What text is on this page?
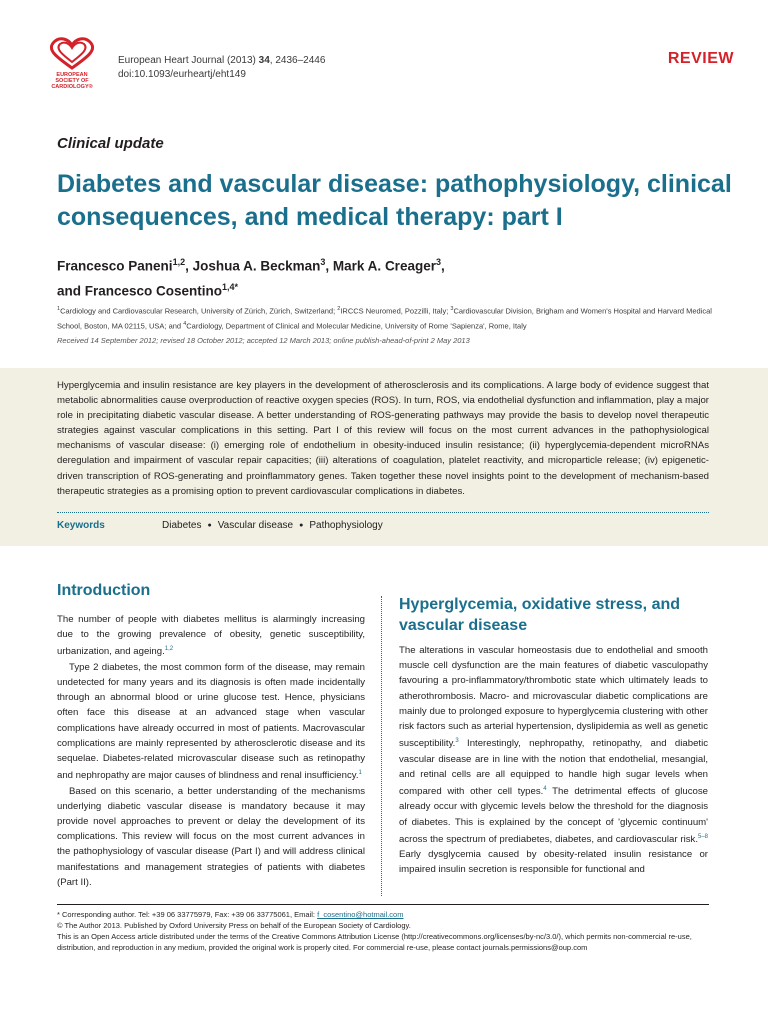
EUROPEAN
SOCIETY OF
CARDIOLOGY®
European Heart Journal (2013) 34, 2436–2446
doi:10.1093/eurheartj/eht149
REVIEW
Clinical update
Diabetes and vascular disease: pathophysiology, clinical consequences, and medical therapy: part I
Francesco Paneni$^{1,2}$, Joshua A. Beckman$^3$, Mark A. Creager$^3$,
and Francesco Cosentino$^{1,4*}$
$^1$Cardiology and Cardiovascular Research, University of Zürich, Zürich, Switzerland; $^2$IRCCS Neuromed, Pozzilli, Italy; $^3$Cardiovascular Division, Brigham and Women's Hospital and Harvard Medical School, Boston, MA 02115, USA; and $^4$Cardiology, Department of Clinical and Molecular Medicine, University of Rome 'Sapienza', Rome, Italy
Received 14 September 2012; revised 18 October 2012; accepted 12 March 2013; online publish-ahead-of-print 2 May 2013
Hyperglycemia and insulin resistance are key players in the development of atherosclerosis and its complications. A large body of evidence suggest that metabolic abnormalities cause overproduction of reactive oxygen species (ROS). In turn, ROS, via endothelial dysfunction and inflammation, play a major role in precipitating diabetic vascular disease. A better understanding of ROS-generating pathways may provide the basis to develop novel therapeutic strategies against vascular complications in this setting. Part I of this review will focus on the most current advances in the pathophysiological mechanisms of vascular disease: (i) emerging role of endothelium in obesity-induced insulin resistance; (ii) hyperglycemia-dependent microRNAs deregulation and impairment of vascular repair capacities; (iii) alterations of coagulation, platelet reactivity, and microparticle release; (iv) epigenetic-driven transcription of ROS-generating and proinflammatory genes. Taken together these novel insights point to the development of mechanism-based therapeutic strategies as a promising option to prevent cardiovascular complications in diabetes.
Keywords	Diabetes ● Vascular disease ● Pathophysiology
Introduction

The number of people with diabetes mellitus is alarmingly increasing due to the growing prevalence of obesity, genetic susceptibility, urbanization, and ageing.$^{1,2}$

Type 2 diabetes, the most common form of the disease, may remain undetected for many years and its diagnosis is often made incidentally through an abnormal blood or urine glucose test. Hence, physicians often face this disease at an advanced stage when vascular complications have already occurred in most of patients. Macrovascular complications are mainly represented by atherosclerotic disease and its sequelae. Diabetes-related microvascular disease such as retinopathy and nephropathy are major causes of blindness and renal insufficiency.$^1$

Based on this scenario, a better understanding of the mechanisms underlying diabetic vascular disease is mandatory because it may provide novel approaches to prevent or delay the development of its complications. This review will focus on the most current advances in the pathophysiology of vascular disease (Part I) and will address clinical manifestations and management strategies of patients with diabetes (Part II).

Hyperglycemia, oxidative stress, and vascular disease

The alterations in vascular homeostasis due to endothelial and smooth muscle cell dysfunction are the main features of diabetic vasculopathy favouring a pro-inflammatory/thrombotic state which ultimately leads to atherothrombosis. Macro- and microvascular diabetic complications are mainly due to prolonged exposure to hyperglycemia clustering with other risk factors such as arterial hypertension, dyslipidemia as well as genetic susceptibility.$^3$ Interestingly, nephropathy, retinopathy, and diabetic vascular disease are in line with the notion that endothelial, mesangial, and retinal cells are all equipped to handle high sugar levels when compared with other cell types.$^4$ The detrimental effects of glucose already occur with glycemic levels below the threshold for the diagnosis of diabetes. This is explained by the concept of 'glycemic continuum' across the spectrum of prediabetes, diabetes, and cardiovascular risk.$^{5-8}$ Early dysglycemia caused by obesity-related insulin resistance or impaired insulin secretion is responsible for functional and

* Corresponding author. Tel: +39 06 33775979, Fax: +39 06 33775061, Email: f_cosentino@hotmail.com

© The Author 2013. Published by Oxford University Press on behalf of the European Society of Cardiology.

This is an Open Access article distributed under the terms of the Creative Commons Attribution License (http://creativecommons.org/licenses/by-nc/3.0/), which permits non-commercial re-use, distribution, and reproduction in any medium, provided the original work is properly cited. For commercial re-use, please contact journals.permissions@oup.com
